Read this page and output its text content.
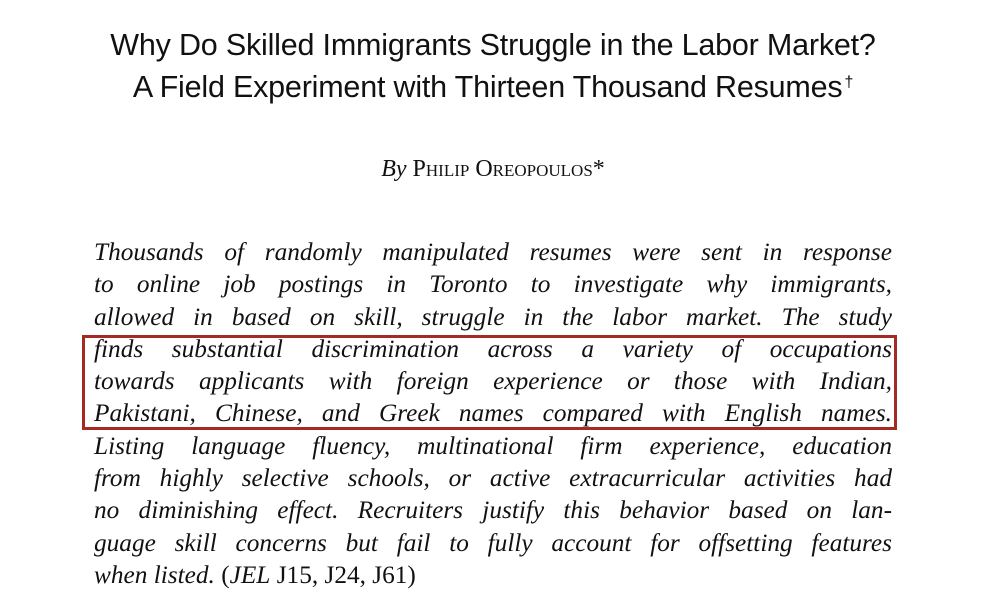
Why Do Skilled Immigrants Struggle in the Labor Market?
A Field Experiment with Thirteen Thousand Resumes †
By Philip Oreopoulos*
Thousands of randomly manipulated resumes were sent in response
to online job postings in Toronto to investigate why immigrants,
allowed in based on skill, struggle in the labor market. The study
finds substantial discrimination across a variety of occupations
towards applicants with foreign experience or those with Indian,
Pakistani, Chinese, and Greek names compared with English names.
Listing language fluency, multinational firm experience, education
from highly selective schools, or active extracurricular activities had
no diminishing effect. Recruiters justify this behavior based on lan-
guage skill concerns but fail to fully account for offsetting features
when listed. (JEL J15, J24, J61)
